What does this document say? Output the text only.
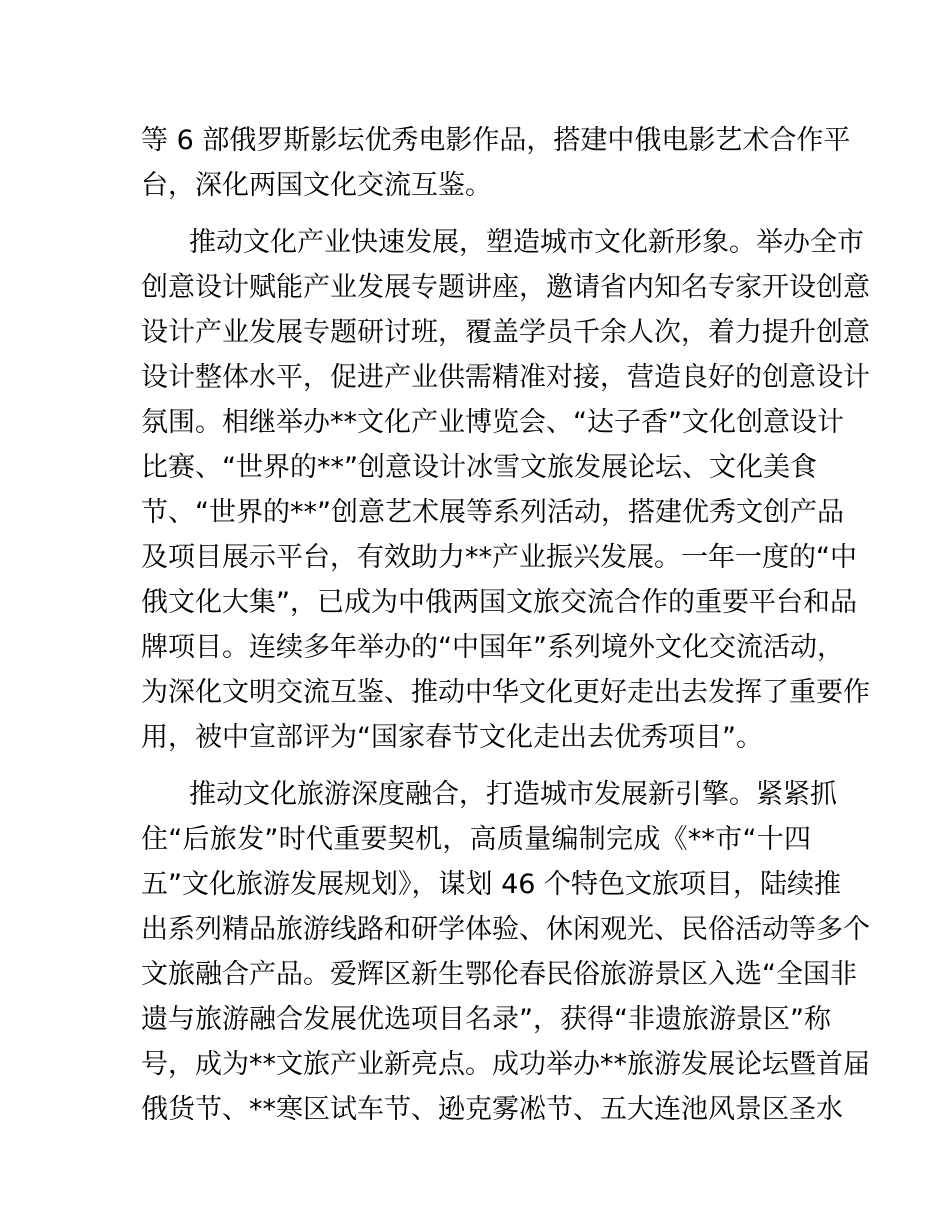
等 6 部俄罗斯影坛优秀电影作品，搭建中俄电影艺术合作平
台，深化两国文化交流互鉴。
推动文化产业快速发展，塑造城市文化新形象。举办全市
创意设计赋能产业发展专题讲座，邀请省内知名专家开设创意
设计产业发展专题研讨班，覆盖学员千余人次，着力提升创意
设计整体水平，促进产业供需精准对接，营造良好的创意设计
氛围。相继举办**文化产业博览会、“达子香”文化创意设计
比赛、“世界的**”创意设计冰雪文旅发展论坛、文化美食
节、“世界的**”创意艺术展等系列活动，搭建优秀文创产品
及项目展示平台，有效助力**产业振兴发展。一年一度的“中
俄文化大集”，已成为中俄两国文旅交流合作的重要平台和品
牌项目。连续多年举办的“中国年”系列境外文化交流活动，
为深化文明交流互鉴、推动中华文化更好走出去发挥了重要作
用，被中宣部评为“国家春节文化走出去优秀项目”。
推动文化旅游深度融合，打造城市发展新引擎。紧紧抓
住“后旅发”时代重要契机，高质量编制完成《**市“十四
五”文化旅游发展规划》，谋划 46 个特色文旅项目，陆续推
出系列精品旅游线路和研学体验、休闲观光、民俗活动等多个
文旅融合产品。爱辉区新生鄂伦春民俗旅游景区入选“全国非
遗与旅游融合发展优选项目名录”，获得“非遗旅游景区”称
号，成为**文旅产业新亮点。成功举办**旅游发展论坛暨首届
俄货节、**寒区试车节、逊克雾凇节、五大连池风景区圣水
